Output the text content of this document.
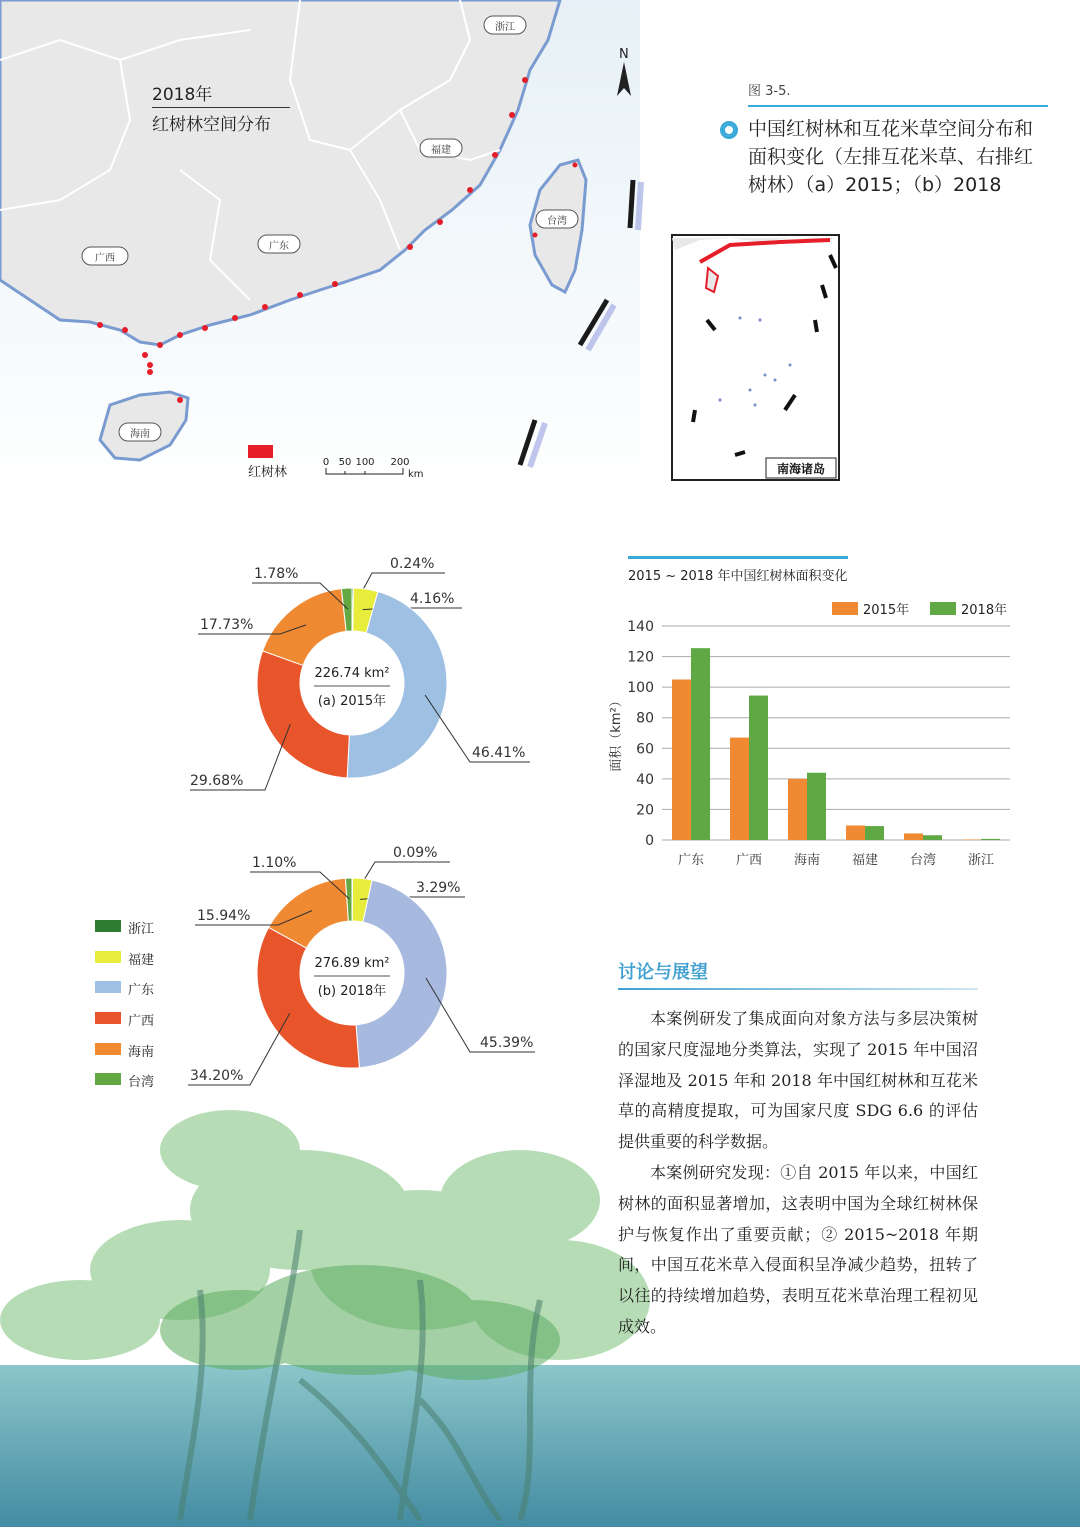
N
浙江
福建
台湾
广东
广西
海南
南海诸岛
红树林
0 50 100 200
km
2018年
红树林空间分布
图 3-5.
中国红树林和互花米草空间分布和面积变化（左排互花米草、右排红树林）（a）2015；（b）2018
0.24%
4.16%
46.41%
29.68%
17.73%
1.78%
226.74 km²
(a) 2015年
0.09%
3.29%
45.39%
34.20%
15.94%
1.10%
276.89 km²
(b) 2018年
浙江
福建
广东
广西
海南
台湾
2015 ~ 2018 年中国红树林面积变化
2015年	2018年
0
20
40
60
80
100
120
140
面积（km²）
广东 广西 海南 福建 台湾 浙江
讨论与展望

本案例研发了集成面向对象方法与多层决策树的国家尺度湿地分类算法，实现了 2015 年中国沼泽湿地及 2015 年和 2018 年中国红树林和互花米草的高精度提取，可为国家尺度 SDG 6.6 的评估提供重要的科学数据。

本案例研究发现：①自 2015 年以来，中国红树林的面积显著增加，这表明中国为全球红树林保护与恢复作出了重要贡献；② 2015~2018 年期间，中国互花米草入侵面积呈净减少趋势，扭转了以往的持续增加趋势，表明互花米草治理工程初见成效。
